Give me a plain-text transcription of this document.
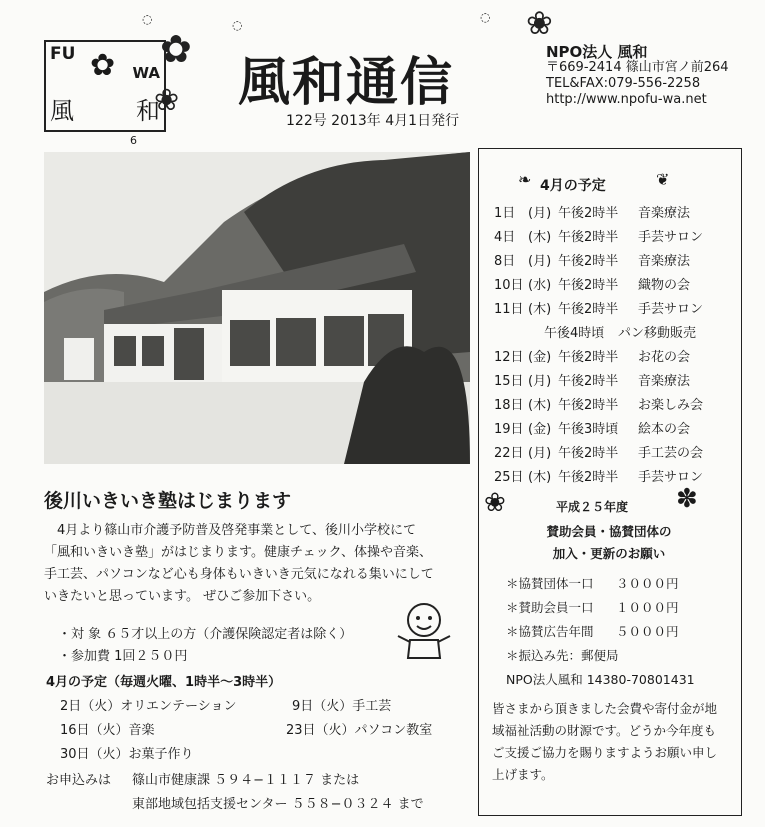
FU ✿ WA
風	和
6
✿
❀
❀
◌	◌
◌
風和通信
122号 2013年 4月1日発行
NPO法人 風和
〒669-2414 篠山市宮ノ前264
TEL&FAX:079-556-2258
http://www.npofu-wa.net
後川いきいき塾はじまります
　4月より篠山市介護予防普及啓発事業として、後川小学校にて
「風和いきいき塾」がはじまります。健康チェック、体操や音楽、
手工芸、パソコンなど心も身体もいきいき元気になれる集いにして
いきたいと思っています。 ぜひご参加下さい。
・対 象 ６５才以上の方（介護保険認定者は除く）
・参加費 1回２５０円
4月の予定（毎週火曜、1時半〜3時半）
2日（火）オリエンテーション	9日（火）手工芸
16日（火）音楽	23日（火）パソコン教室
30日（火）お菓子作り
お申込みは 篠山市健康課 ５９４−１１１７ または
東部地域包括支援センター ５５８−０３２４ まで
❧ 4月の予定	❦
1日 (月) 午後2時半 音楽療法
4日 (木) 午後2時半 手芸サロン
8日 (月) 午後2時半 音楽療法
10日 (水) 午後2時半 織物の会
11日 (木) 午後2時半 手芸サロン
午後4時頃 パン移動販売
12日 (金) 午後2時半 お花の会
15日 (月) 午後2時半 音楽療法
18日 (木) 午後2時半 お楽しみ会
19日 (金) 午後3時頃 絵本の会
22日 (月) 午後2時半 手工芸の会
25日 (木) 午後2時半 手芸サロン
❀	平成２５年度 ✽
賛助会員・協賛団体の
加入・更新のお願い
＊協賛団体一口 ３０００円
＊賛助会員一口 １０００円
＊協賛広告年間 ５０００円
＊振込み先：郵便局
NPO法人風和 14380-70801431
皆さまから頂きました会費や寄付金が地域福祉活動の財源です。どうか今年度もご支援ご協力を賜りますようお願い申し上げます。
